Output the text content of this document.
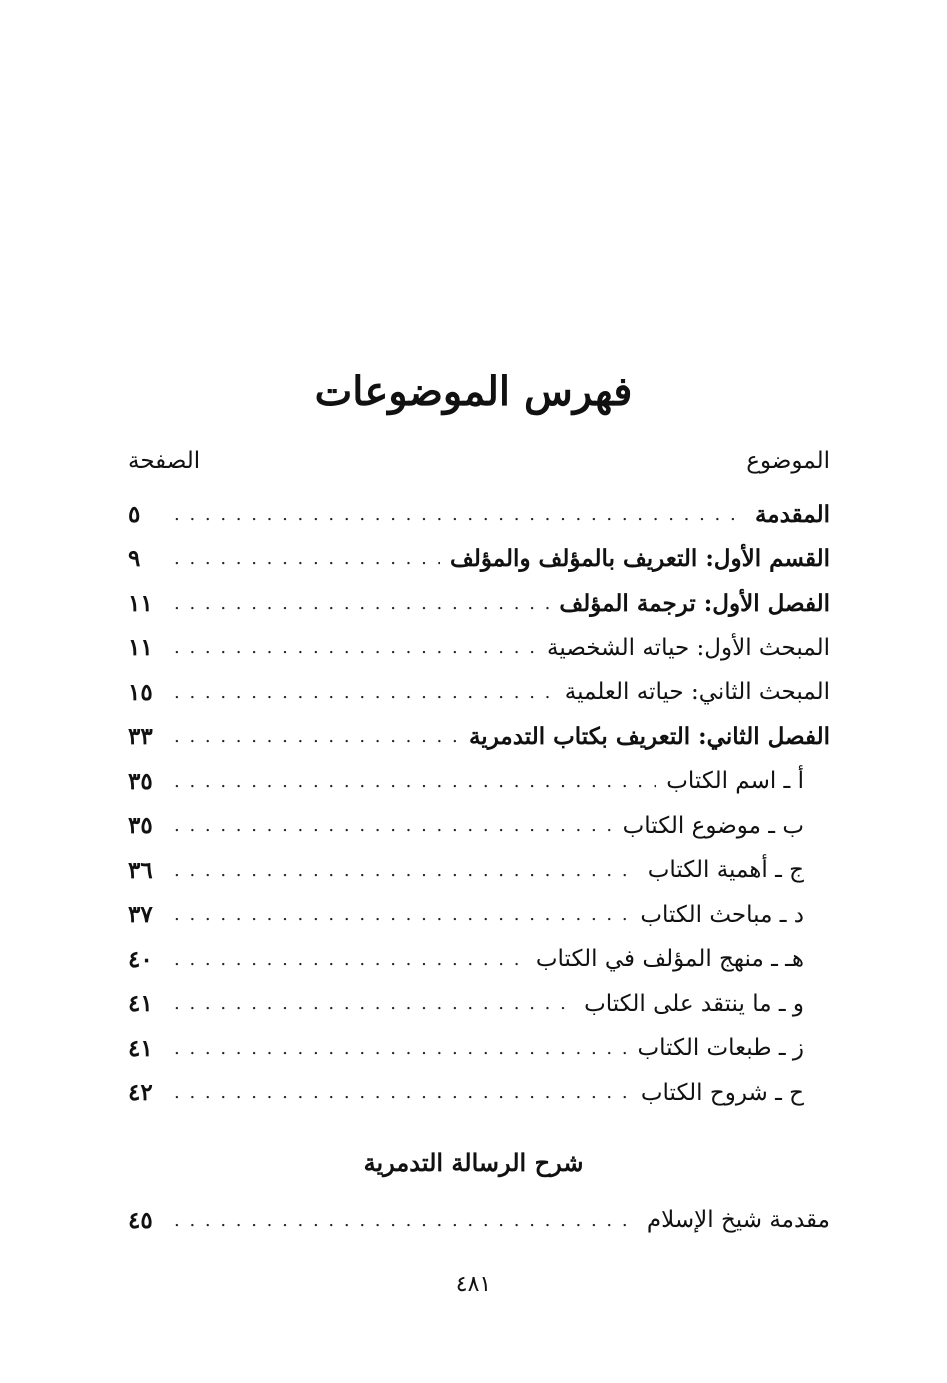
فهرس الموضوعات
الموضوع
الصفحة
المقدمة
. . .
٥
القسم الأول: التعريف بالمؤلف والمؤلف
. . .
٩
الفصل الأول: ترجمة المؤلف
. . .
١١
المبحث الأول: حياته الشخصية
. . .
١١
المبحث الثاني: حياته العلمية
. . .
١٥
الفصل الثاني: التعريف بكتاب التدمرية
. . .
٣٣
أ ـ اسم الكتاب
. . .
٣٥
ب ـ موضوع الكتاب
. . .
٣٥
ج ـ أهمية الكتاب
. . .
٣٦
د ـ مباحث الكتاب
. . .
٣٧
هـ ـ منهج المؤلف في الكتاب
. . .
٤٠
و ـ ما ينتقد على الكتاب
. . .
٤١
ز ـ طبعات الكتاب
. . .
٤١
ح ـ شروح الكتاب
. . .
٤٢
شرح الرسالة التدمرية
مقدمة شيخ الإسلام
. . .
٤٥
٤٨١
